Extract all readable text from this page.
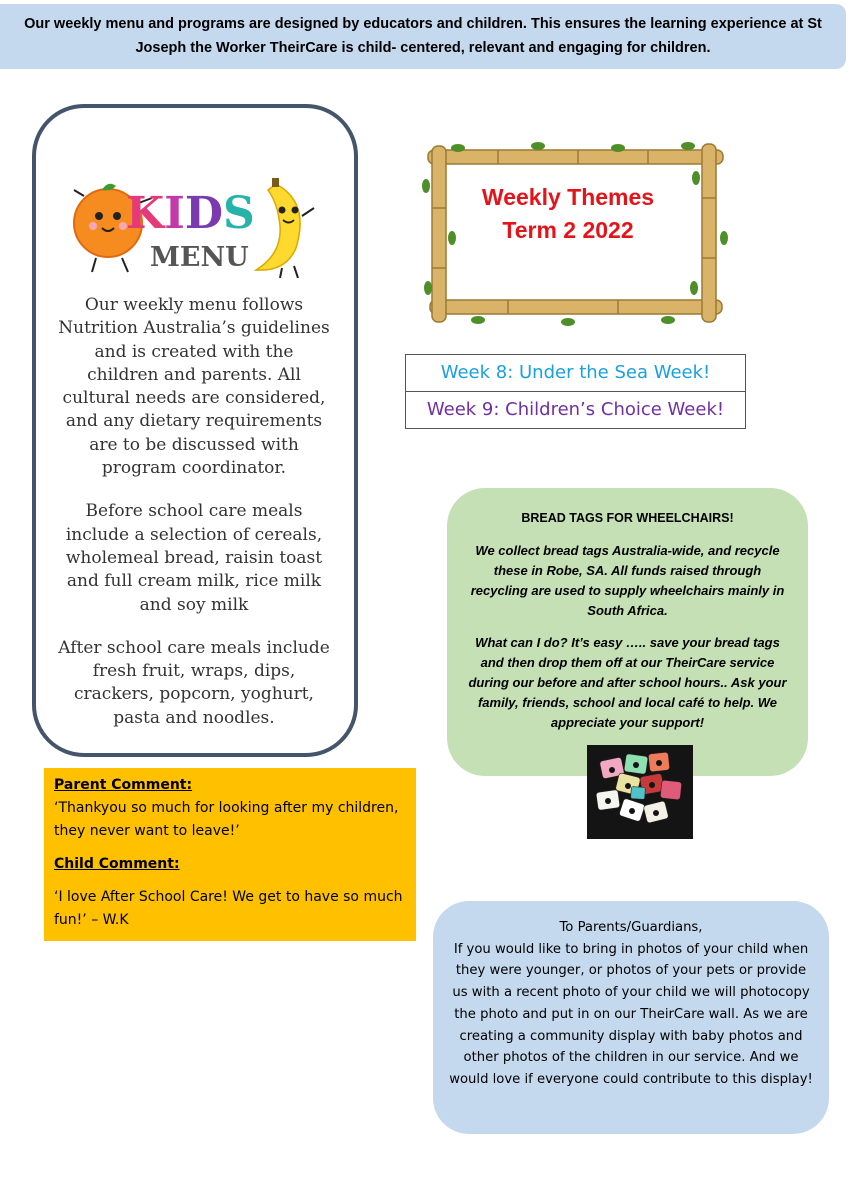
Our weekly menu and programs are designed by educators and children. This ensures the learning experience at St Joseph the Worker TheirCare is child- centered, relevant and engaging for children.
KIDS
MENU

Our weekly menu follows Nutrition Australia’s guidelines and is created with the children and parents. All cultural needs are considered, and any dietary requirements are to be discussed with program coordinator.

Before school care meals include a selection of cereals, wholemeal bread, raisin toast and full cream milk, rice milk and soy milk

After school care meals include fresh fruit, wraps, dips, crackers, popcorn, yoghurt, pasta and noodles.

Weekly Themes
Term 2 2022
Week 8: Under the Sea Week!
Week 9: Children’s Choice Week!
BREAD TAGS FOR WHEELCHAIRS!

We collect bread tags Australia-wide, and recycle these in Robe, SA. All funds raised through recycling are used to supply wheelchairs mainly in South Africa.

What can I do? It’s easy ….. save your bread tags and then drop them off at our TheirCare service during our before and after school hours.. Ask your family, friends, school and local café to help. We appreciate your support!

Parent Comment:

‘Thankyou so much for looking after my children, they never want to leave!’

Child Comment:

‘I love After School Care! We get to have so much fun!’ – W.K	To Parents/Guardians,
If you would like to bring in photos of your child when they were younger, or photos of your pets or provide us with a recent photo of your child we will photocopy the photo and put in on our TheirCare wall. As we are creating a community display with baby photos and other photos of the children in our service. And we would love if everyone could contribute to this display!
